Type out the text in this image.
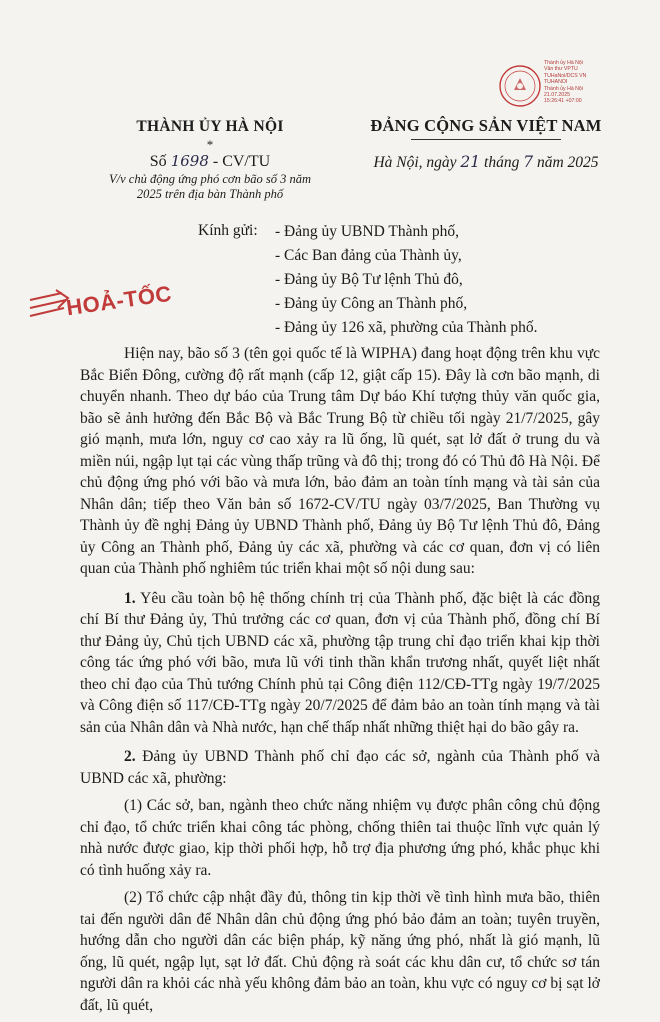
Thành ủy Hà Nội
Văn thư VPTU
TUHaNoi/DCS VN
TUHANOI
Thành ủy Hà Nội
21.07.2025
15:26:41 +07:00
THÀNH ỦY HÀ NỘI
*
Số 1698 - CV/TU
V/v chủ động ứng phó cơn bão số 3 năm
2025 trên địa bàn Thành phố
ĐẢNG CỘNG SẢN VIỆT NAM
Hà Nội, ngày 21 tháng 7 năm 2025
Kính gửi: - Đảng ủy UBND Thành phố,
- Các Ban đảng của Thành ủy,
- Đảng ủy Bộ Tư lệnh Thủ đô,
- Đảng ủy Công an Thành phố,
- Đảng ủy 126 xã, phường của Thành phố.
HOẢ-TỐC

Hiện nay, bão số 3 (tên gọi quốc tế là WIPHA) đang hoạt động trên khu vực Bắc Biển Đông, cường độ rất mạnh (cấp 12, giật cấp 15). Đây là cơn bão mạnh, di chuyển nhanh. Theo dự báo của Trung tâm Dự báo Khí tượng thủy văn quốc gia, bão sẽ ảnh hưởng đến Bắc Bộ và Bắc Trung Bộ từ chiều tối ngày 21/7/2025, gây gió mạnh, mưa lớn, nguy cơ cao xảy ra lũ ống, lũ quét, sạt lở đất ở trung du và miền núi, ngập lụt tại các vùng thấp trũng và đô thị; trong đó có Thủ đô Hà Nội. Để chủ động ứng phó với bão và mưa lớn, bảo đảm an toàn tính mạng và tài sản của Nhân dân; tiếp theo Văn bản số 1672-CV/TU ngày 03/7/2025, Ban Thường vụ Thành ủy đề nghị Đảng ủy UBND Thành phố, Đảng ủy Bộ Tư lệnh Thủ đô, Đảng ủy Công an Thành phố, Đảng ủy các xã, phường và các cơ quan, đơn vị có liên quan của Thành phố nghiêm túc triển khai một số nội dung sau:

1. Yêu cầu toàn bộ hệ thống chính trị của Thành phố, đặc biệt là các đồng chí Bí thư Đảng ủy, Thủ trưởng các cơ quan, đơn vị của Thành phố, đồng chí Bí thư Đảng ủy, Chủ tịch UBND các xã, phường tập trung chỉ đạo triển khai kịp thời công tác ứng phó với bão, mưa lũ với tinh thần khẩn trương nhất, quyết liệt nhất theo chỉ đạo của Thủ tướng Chính phủ tại Công điện 112/CĐ-TTg ngày 19/7/2025 và Công điện số 117/CĐ-TTg ngày 20/7/2025 để đảm bảo an toàn tính mạng và tài sản của Nhân dân và Nhà nước, hạn chế thấp nhất những thiệt hại do bão gây ra.

2. Đảng ủy UBND Thành phố chỉ đạo các sở, ngành của Thành phố và UBND các xã, phường:

(1) Các sở, ban, ngành theo chức năng nhiệm vụ được phân công chủ động chỉ đạo, tổ chức triển khai công tác phòng, chống thiên tai thuộc lĩnh vực quản lý nhà nước được giao, kịp thời phối hợp, hỗ trợ địa phương ứng phó, khắc phục khi có tình huống xảy ra.

(2) Tổ chức cập nhật đầy đủ, thông tin kịp thời về tình hình mưa bão, thiên tai đến người dân để Nhân dân chủ động ứng phó bảo đảm an toàn; tuyên truyền, hướng dẫn cho người dân các biện pháp, kỹ năng ứng phó, nhất là gió mạnh, lũ ống, lũ quét, ngập lụt, sạt lở đất. Chủ động rà soát các khu dân cư, tổ chức sơ tán người dân ra khỏi các nhà yếu không đảm bảo an toàn, khu vực có nguy cơ bị sạt lở đất, lũ quét,
